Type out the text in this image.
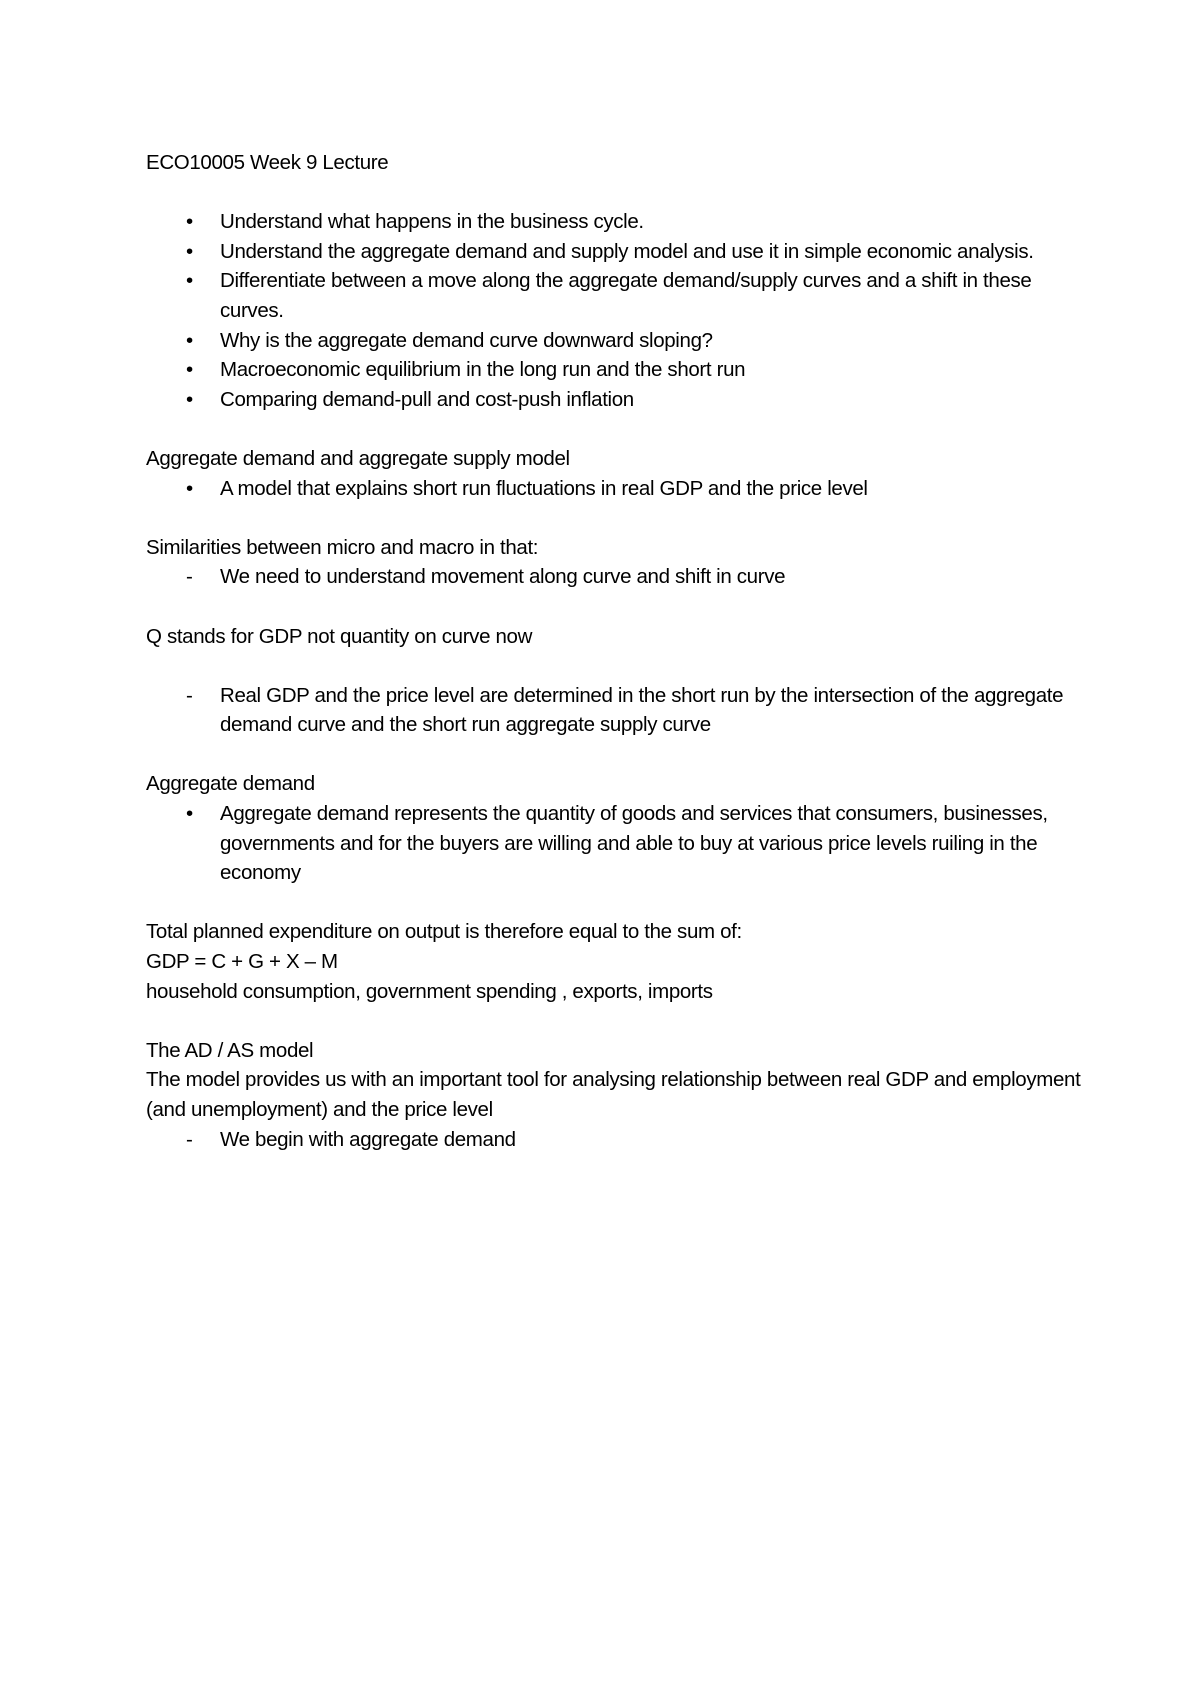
ECO10005 Week 9 Lecture

•	Understand what happens in the business cycle.
•	Understand the aggregate demand and supply model and use it in simple economic analysis.
•	Differentiate between a move along the aggregate demand/supply curves and a shift in these curves.
•	Why is the aggregate demand curve downward sloping?
•	Macroeconomic equilibrium in the long run and the short run
•	Comparing demand-pull and cost-push inflation

Aggregate demand and aggregate supply model

•	A model that explains short run fluctuations in real GDP and the price level

Similarities between micro and macro in that:

-	We need to understand movement along curve and shift in curve

Q stands for GDP not quantity on curve now

-	Real GDP and the price level are determined in the short run by the intersection of the aggregate demand curve and the short run aggregate supply curve

Aggregate demand

•	Aggregate demand represents the quantity of goods and services that consumers, businesses, governments and for the buyers are willing and able to buy at various price levels ruiling in the economy

Total planned expenditure on output is therefore equal to the sum of:

GDP = C + G + X – M

household consumption, government spending , exports, imports

The AD / AS model

The model provides us with an important tool for analysing relationship between real GDP and employment (and unemployment) and the price level

-	We begin with aggregate demand
